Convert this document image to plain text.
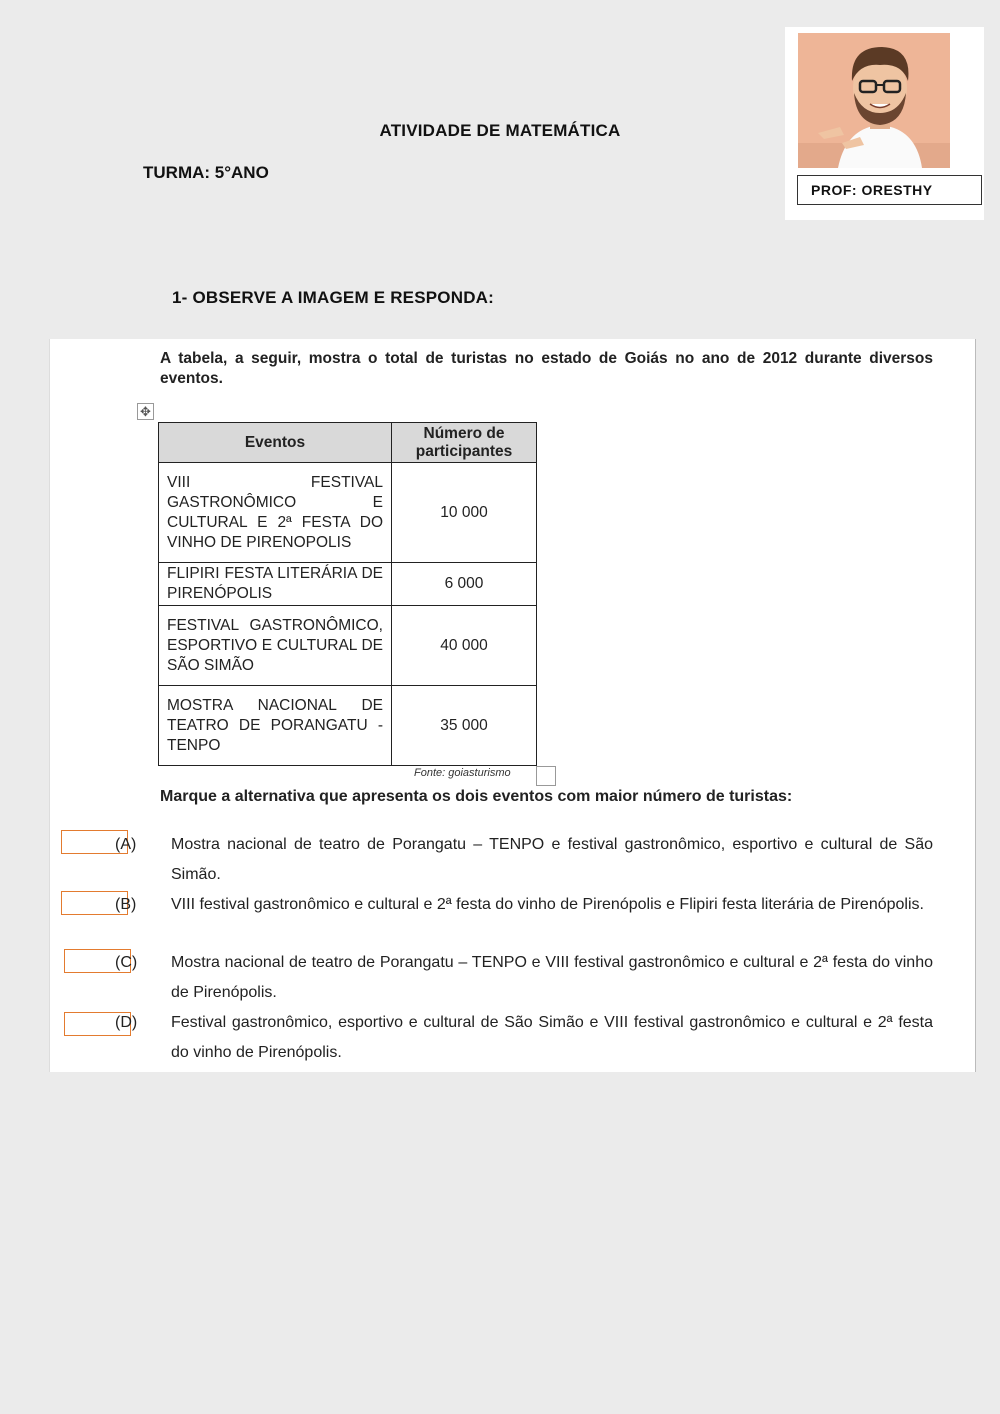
ATIVIDADE DE MATEMÁTICA
TURMA: 5°ANO
PROF: ORESTHY
1- OBSERVE A IMAGEM E RESPONDA:
A tabela, a seguir, mostra o total de turistas no estado de Goiás no ano de 2012 durante diversos eventos.
✥
Eventos	Número de participantes
VIII FESTIVAL GASTRONÔMICO E CULTURAL E 2ª FESTA DO VINHO DE PIRENOPOLIS	10 000
FLIPIRI FESTA LITERÁRIA DE PIRENÓPOLIS	6 000
FESTIVAL GASTRONÔMICO, ESPORTIVO E CULTURAL DE SÃO SIMÃO	40 000
MOSTRA NACIONAL DE TEATRO DE PORANGATU - TENPO	35 000
Fonte: goiasturismo
Marque a alternativa que apresenta os dois eventos com maior número de turistas:
(A) Mostra nacional de teatro de Porangatu – TENPO e festival gastronômico, esportivo e cultural de São Simão.
(B) VIII festival gastronômico e cultural e 2ª festa do vinho de Pirenópolis e Flipiri festa literária de Pirenópolis.
(C) Mostra nacional de teatro de Porangatu – TENPO e VIII festival gastronômico e cultural e 2ª festa do vinho de Pirenópolis.
(D) Festival gastronômico, esportivo e cultural de São Simão e VIII festival gastronômico e cultural e 2ª festa do vinho de Pirenópolis.
